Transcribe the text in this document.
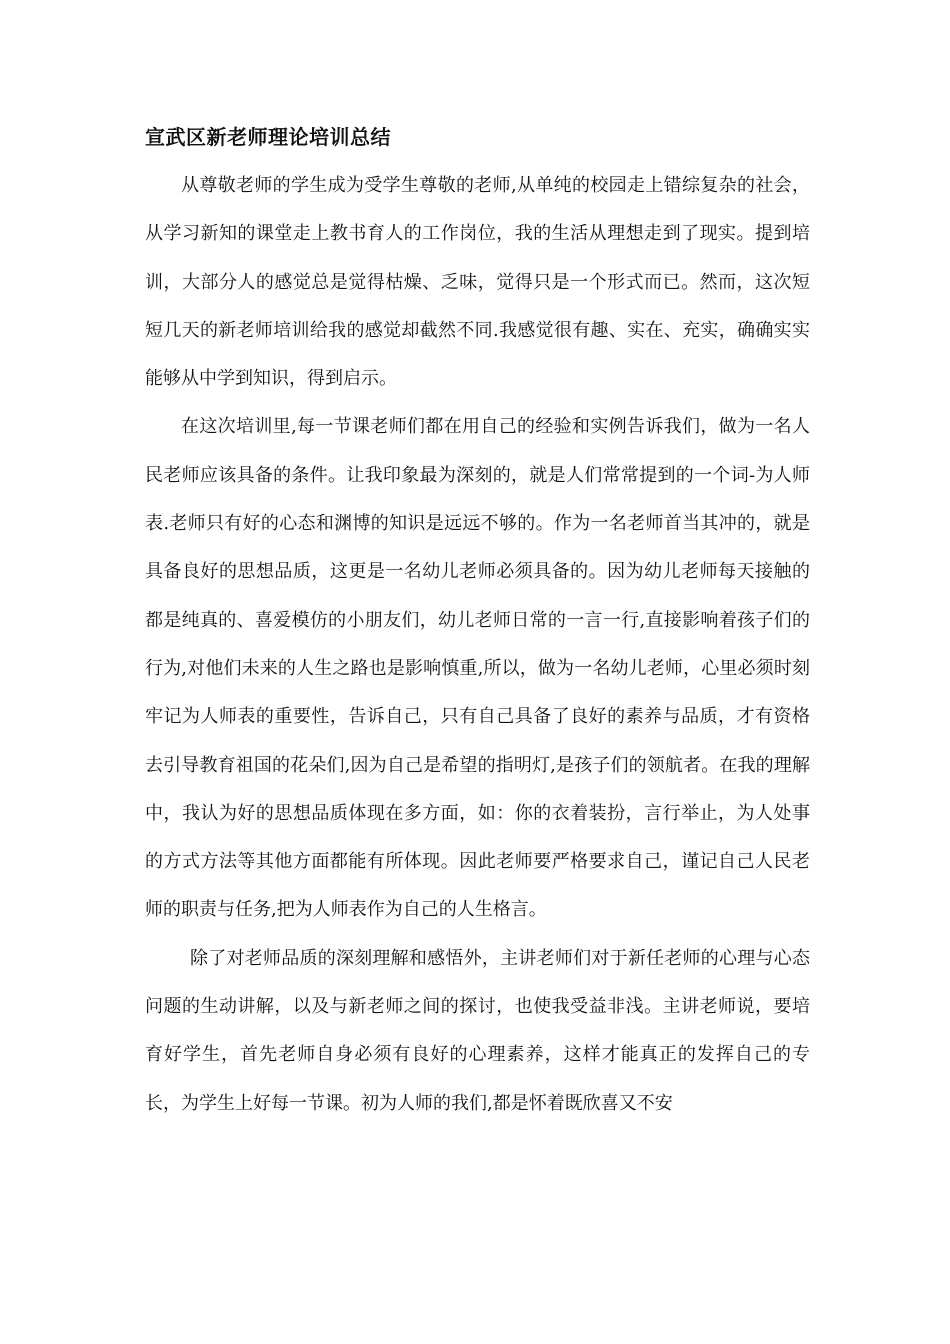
宣武区新老师理论培训总结

从尊敬老师的学生成为受学生尊敬的老师,从单纯的校园走上错综复杂的社会，从学习新知的课堂走上教书育人的工作岗位，我的生活从理想走到了现实。提到培训，大部分人的感觉总是觉得枯燥、乏味，觉得只是一个形式而已。然而，这次短短几天的新老师培训给我的感觉却截然不同.我感觉很有趣、实在、充实，确确实实能够从中学到知识，得到启示。

在这次培训里,每一节课老师们都在用自己的经验和实例告诉我们，做为一名人民老师应该具备的条件。让我印象最为深刻的，就是人们常常提到的一个词-为人师表.老师只有好的心态和渊博的知识是远远不够的。作为一名老师首当其冲的，就是具备良好的思想品质，这更是一名幼儿老师必须具备的。因为幼儿老师每天接触的都是纯真的、喜爱模仿的小朋友们，幼儿老师日常的一言一行,直接影响着孩子们的行为,对他们未来的人生之路也是影响慎重,所以，做为一名幼儿老师，心里必须时刻牢记为人师表的重要性，告诉自己，只有自己具备了良好的素养与品质，才有资格去引导教育祖国的花朵们,因为自己是希望的指明灯,是孩子们的领航者。在我的理解中，我认为好的思想品质体现在多方面，如：你的衣着装扮，言行举止，为人处事的方式方法等其他方面都能有所体现。因此老师要严格要求自己，谨记自己人民老师的职责与任务,把为人师表作为自己的人生格言。

除了对老师品质的深刻理解和感悟外，主讲老师们对于新任老师的心理与心态问题的生动讲解，以及与新老师之间的探讨，也使我受益非浅。主讲老师说，要培育好学生，首先老师自身必须有良好的心理素养，这样才能真正的发挥自己的专长，为学生上好每一节课。初为人师的我们,都是怀着既欣喜又不安
